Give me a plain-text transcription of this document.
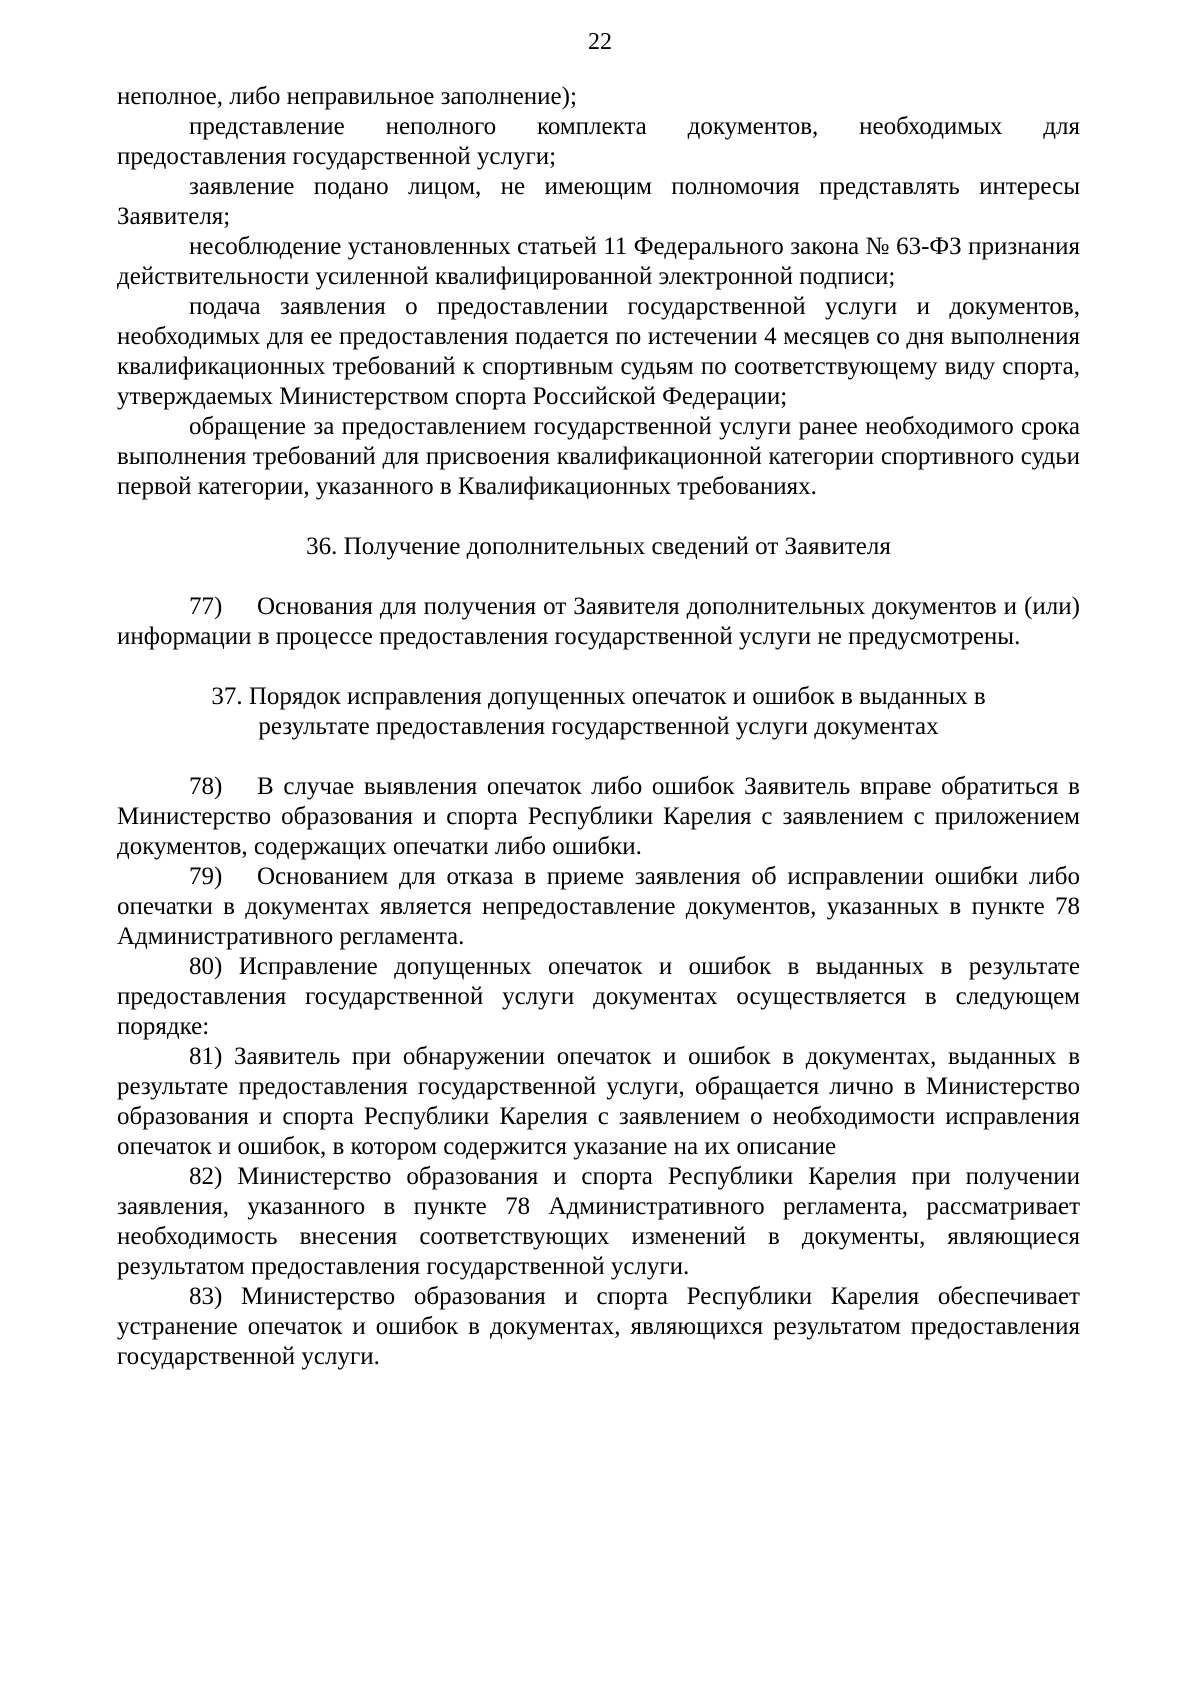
22

неполное, либо неправильное заполнение);

представление неполного комплекта документов, необходимых для предоставления государственной услуги;

заявление подано лицом, не имеющим полномочия представлять интересы Заявителя;

несоблюдение установленных статьей 11 Федерального закона № 63-ФЗ признания действительности усиленной квалифицированной электронной подписи;

подача заявления о предоставлении государственной услуги и документов, необходимых для ее предоставления подается по истечении 4 месяцев со дня выполнения квалификационных требований к спортивным судьям по соответствующему виду спорта, утверждаемых Министерством спорта Российской Федерации;

обращение за предоставлением государственной услуги ранее необходимого срока выполнения требований для присвоения квалификационной категории спортивного судьи первой категории, указанного в Квалификационных требованиях.

36. Получение дополнительных сведений от Заявителя

77) Основания для получения от Заявителя дополнительных документов и (или) информации в процессе предоставления государственной услуги не предусмотрены.

37. Порядок исправления допущенных опечаток и ошибок в выданных в результате предоставления государственной услуги документах

78) В случае выявления опечаток либо ошибок Заявитель вправе обратиться в Министерство образования и спорта Республики Карелия с заявлением с приложением документов, содержащих опечатки либо ошибки.

79) Основанием для отказа в приеме заявления об исправлении ошибки либо опечатки в документах является непредоставление документов, указанных в пункте 78 Административного регламента.

80) Исправление допущенных опечаток и ошибок в выданных в результате предоставления государственной услуги документах осуществляется в следующем порядке:

81) Заявитель при обнаружении опечаток и ошибок в документах, выданных в результате предоставления государственной услуги, обращается лично в Министерство образования и спорта Республики Карелия с заявлением о необходимости исправления опечаток и ошибок, в котором содержится указание на их описание

82) Министерство образования и спорта Республики Карелия при получении заявления, указанного в пункте 78 Административного регламента, рассматривает необходимость внесения соответствующих изменений в документы, являющиеся результатом предоставления государственной услуги.

83) Министерство образования и спорта Республики Карелия обеспечивает устранение опечаток и ошибок в документах, являющихся результатом предоставления государственной услуги.
